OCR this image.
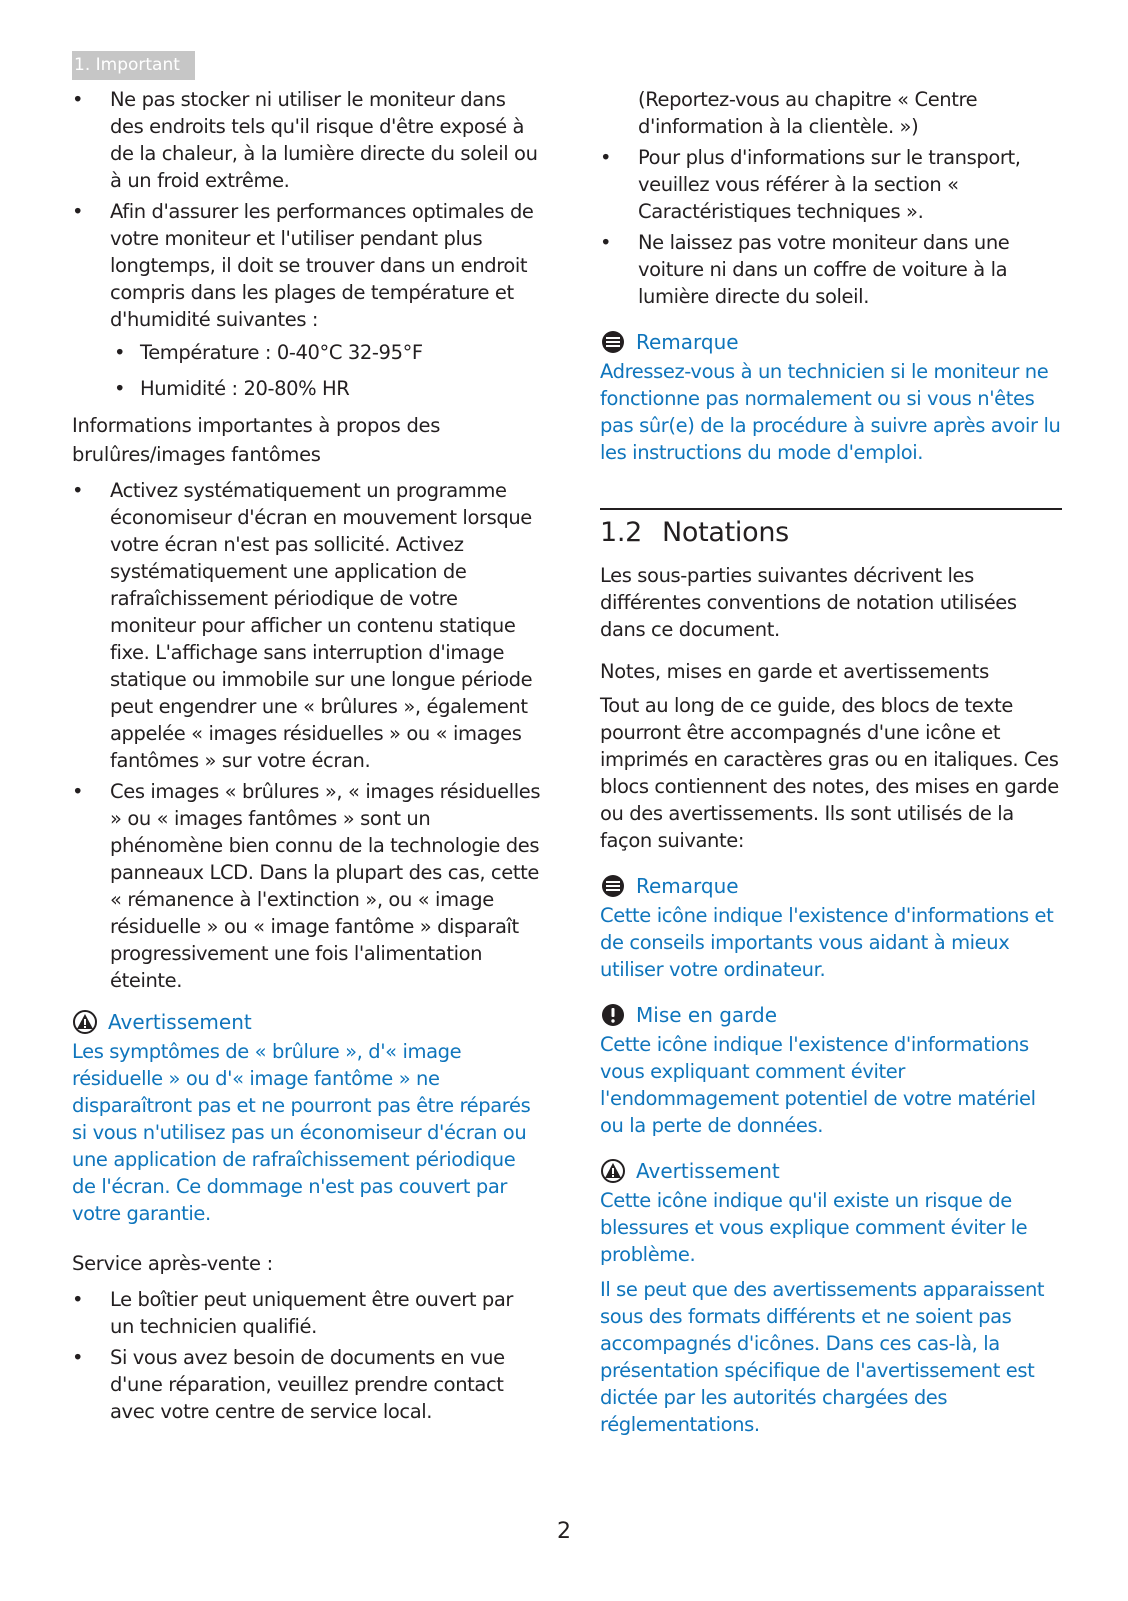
1. Important
• Ne pas stocker ni utiliser le moniteur dans des endroits tels qu'il risque d'être exposé à de la chaleur, à la lumière directe du soleil ou à un froid extrême.
• Afin d'assurer les performances optimales de votre moniteur et l'utiliser pendant plus longtemps, il doit se trouver dans un endroit compris dans les plages de température et d'humidité suivantes :
• Température : 0-40°C 32-95°F
• Humidité : 20-80% HR
Informations importantes à propos des brulûres/images fantômes
• Activez systématiquement un programme économiseur d'écran en mouvement lorsque votre écran n'est pas sollicité. Activez systématiquement une application de rafraîchissement périodique de votre moniteur pour afficher un contenu statique fixe. L'affichage sans interruption d'image statique ou immobile sur une longue période peut engendrer une « brûlures », également appelée « images résiduelles » ou « images fantômes » sur votre écran.
• Ces images « brûlures », « images résiduelles » ou « images fantômes » sont un phénomène bien connu de la technologie des panneaux LCD. Dans la plupart des cas, cette « rémanence à l'extinction », ou « image résiduelle » ou « image fantôme » disparaît progressivement une fois l'alimentation éteinte.
Avertissement
Les symptômes de « brûlure », d'« image résiduelle » ou d'« image fantôme » ne disparaîtront pas et ne pourront pas être réparés si vous n'utilisez pas un économiseur d'écran ou une application de rafraîchissement périodique de l'écran. Ce dommage n'est pas couvert par votre garantie.
Service après-vente :
• Le boîtier peut uniquement être ouvert par un technicien qualifié.
• Si vous avez besoin de documents en vue d'une réparation, veuillez prendre contact avec votre centre de service local.
(Reportez-vous au chapitre « Centre d'information à la clientèle. »)
• Pour plus d'informations sur le transport, veuillez vous référer à la section « Caractéristiques techniques ».
• Ne laissez pas votre moniteur dans une voiture ni dans un coffre de voiture à la lumière directe du soleil.
Remarque
Adressez-vous à un technicien si le moniteur ne fonctionne pas normalement ou si vous n'êtes pas sûr(e) de la procédure à suivre après avoir lu les instructions du mode d'emploi.
1.2 Notations
Les sous-parties suivantes décrivent les différentes conventions de notation utilisées dans ce document.
Notes, mises en garde et avertissements
Tout au long de ce guide, des blocs de texte pourront être accompagnés d'une icône et imprimés en caractères gras ou en italiques. Ces blocs contiennent des notes, des mises en garde ou des avertissements. Ils sont utilisés de la façon suivante:
Remarque
Cette icône indique l'existence d'informations et de conseils importants vous aidant à mieux utiliser votre ordinateur.
Mise en garde
Cette icône indique l'existence d'informations vous expliquant comment éviter l'endommagement potentiel de votre matériel ou la perte de données.
Avertissement
Cette icône indique qu'il existe un risque de blessures et vous explique comment éviter le problème.
Il se peut que des avertissements apparaissent sous des formats différents et ne soient pas accompagnés d'icônes. Dans ces cas-là, la présentation spécifique de l'avertissement est dictée par les autorités chargées des réglementations.
2
